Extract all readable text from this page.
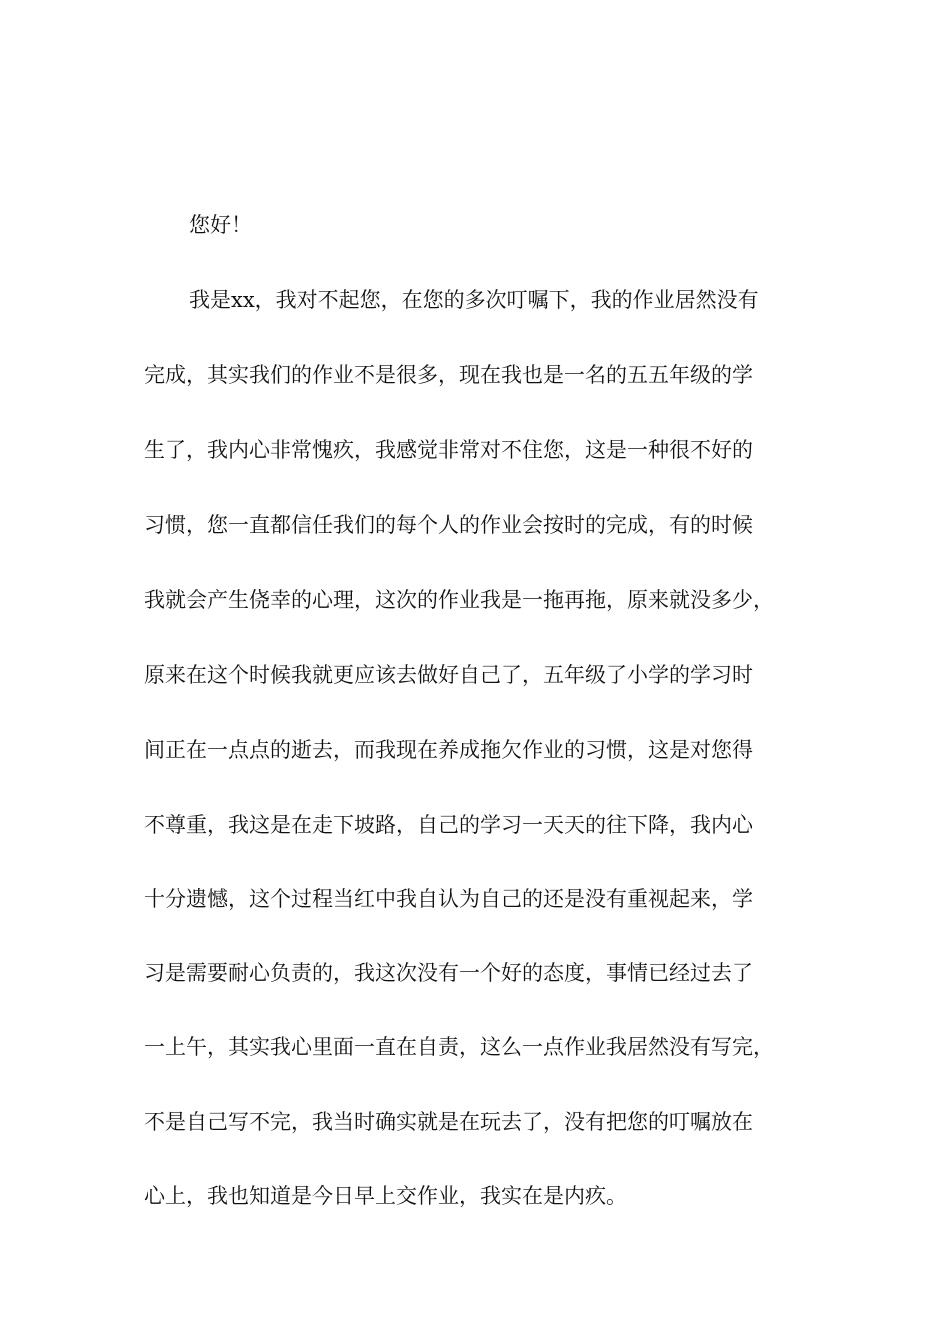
您好！
我是xx，我对不起您，在您的多次叮嘱下，我的作业居然没有
完成，其实我们的作业不是很多，现在我也是一名的五五年级的学
生了，我内心非常愧疚，我感觉非常对不住您，这是一种很不好的
习惯，您一直都信任我们的每个人的作业会按时的完成，有的时候
我就会产生侥幸的心理，这次的作业我是一拖再拖，原来就没多少，
原来在这个时候我就更应该去做好自己了，五年级了小学的学习时
间正在一点点的逝去，而我现在养成拖欠作业的习惯，这是对您得
不尊重，我这是在走下坡路，自己的学习一天天的往下降，我内心
十分遗憾，这个过程当红中我自认为自己的还是没有重视起来，学
习是需要耐心负责的，我这次没有一个好的态度，事情已经过去了
一上午，其实我心里面一直在自责，这么一点作业我居然没有写完，
不是自己写不完，我当时确实就是在玩去了，没有把您的叮嘱放在
心上，我也知道是今日早上交作业，我实在是内疚。
